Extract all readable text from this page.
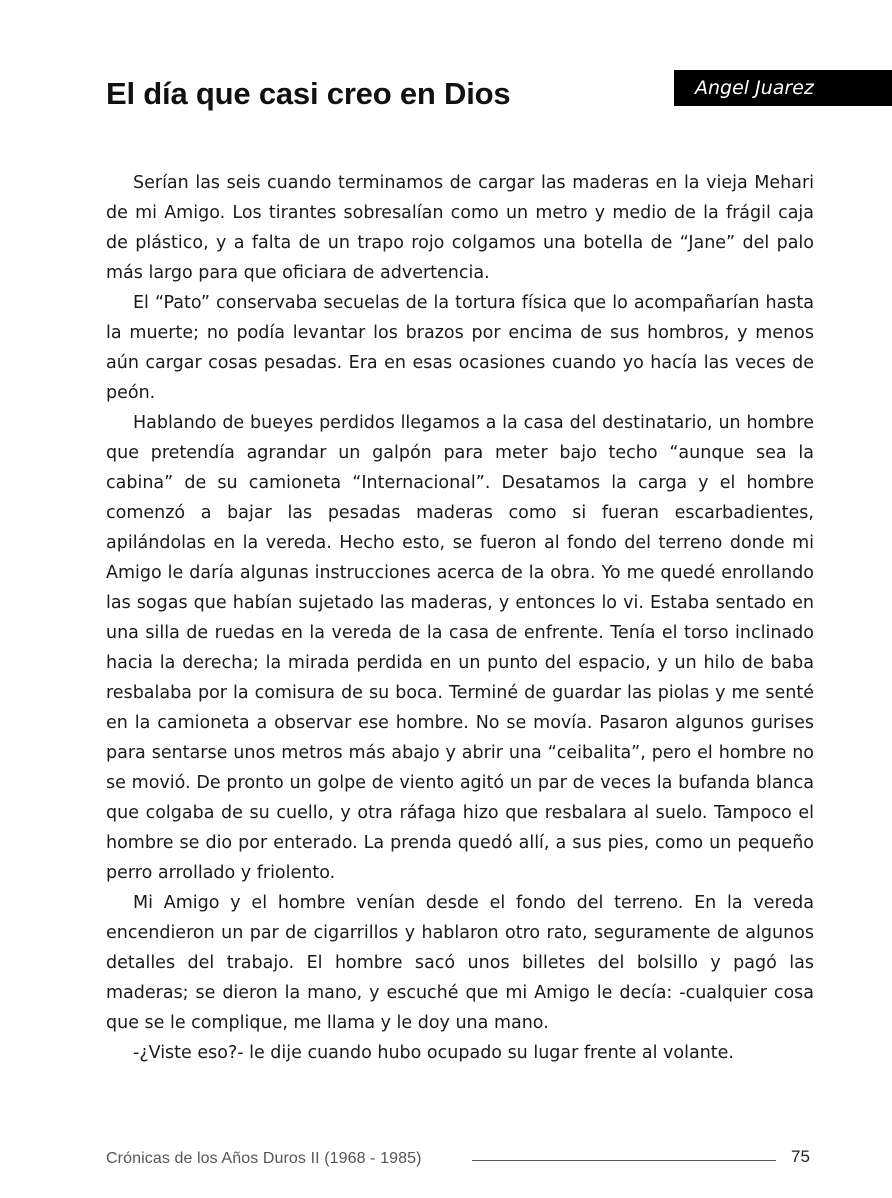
El día que casi creo en Dios	Angel Juarez

Serían las seis cuando terminamos de cargar las maderas en la vieja Mehari de mi Amigo. Los tirantes sobresalían como un metro y medio de la frágil caja de plástico, y a falta de un trapo rojo colgamos una botella de “Jane” del palo más largo para que oficiara de advertencia.

El “Pato” conservaba secuelas de la tortura física que lo acompañarían hasta la muerte; no podía levantar los brazos por encima de sus hombros, y menos aún cargar cosas pesadas. Era en esas ocasiones cuando yo hacía las veces de peón.

Hablando de bueyes perdidos llegamos a la casa del destinatario, un hombre que pretendía agrandar un galpón para meter bajo techo “aunque sea la cabina” de su camioneta “Internacional”. Desatamos la carga y el hombre comenzó a bajar las pesadas maderas como si fueran escarbadientes, apilándolas en la vereda. Hecho esto, se fueron al fondo del terreno donde mi Amigo le daría algunas instrucciones acerca de la obra. Yo me quedé enrollando las sogas que habían sujetado las maderas, y entonces lo vi. Estaba sentado en una silla de ruedas en la vereda de la casa de enfrente. Tenía el torso inclinado hacia la derecha; la mirada perdida en un punto del espacio, y un hilo de baba resbalaba por la comisura de su boca. Terminé de guardar las piolas y me senté en la camioneta a observar ese hombre. No se movía. Pasaron algunos gurises para sentarse unos metros más abajo y abrir una “ceibalita”, pero el hombre no se movió. De pronto un golpe de viento agitó un par de veces la bufanda blanca que colgaba de su cuello, y otra ráfaga hizo que resbalara al suelo. Tampoco el hombre se dio por enterado. La prenda quedó allí, a sus pies, como un pequeño perro arrollado y friolento.

Mi Amigo y el hombre venían desde el fondo del terreno. En la vereda encendieron un par de cigarrillos y hablaron otro rato, seguramente de algunos detalles del trabajo. El hombre sacó unos billetes del bolsillo y pagó las maderas; se dieron la mano, y escuché que mi Amigo le decía: -cualquier cosa que se le complique, me llama y le doy una mano.

-¿Viste eso?- le dije cuando hubo ocupado su lugar frente al volante.

Crónicas de los Años Duros II (1968 - 1985)	75
